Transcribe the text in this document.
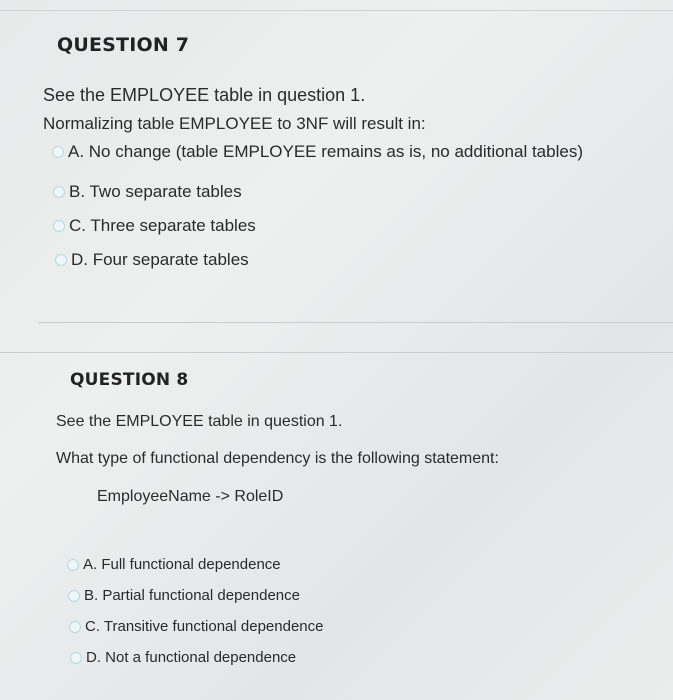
QUESTION 7
See the EMPLOYEE table in question 1.
Normalizing table EMPLOYEE to 3NF will result in:
A. No change (table EMPLOYEE remains as is, no additional tables)
B. Two separate tables
C. Three separate tables
D. Four separate tables
QUESTION 8
See the EMPLOYEE table in question 1.
What type of functional dependency is the following statement:
EmployeeName -> RoleID
A. Full functional dependence
B. Partial functional dependence
C. Transitive functional dependence
D. Not a functional dependence
